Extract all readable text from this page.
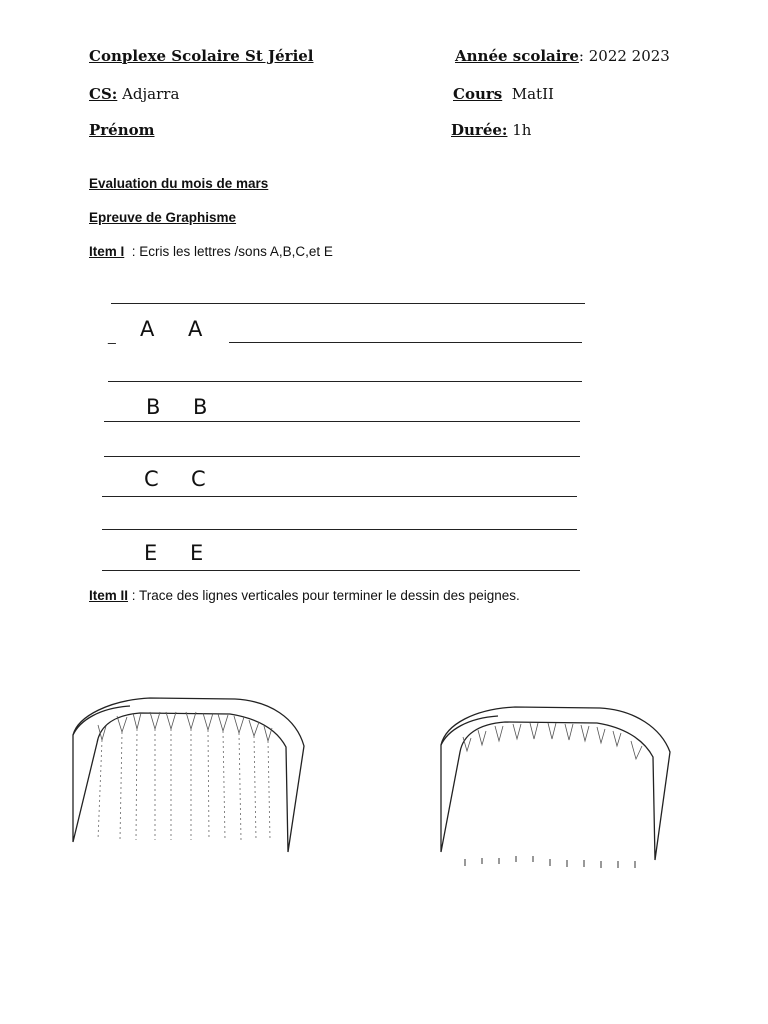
Conplexe Scolaire St Jériel	Année scolaire: 2022 2023
CS: Adjarra	Cours MatII
Prénom	Durée: 1h
Evaluation du mois de mars
Epreuve de Graphisme
Item I : Ecris les lettres /sons A,B,C,et E
_ A A
B B
C C
E E
Item II : Trace des lignes verticales pour terminer le dessin des peignes.
